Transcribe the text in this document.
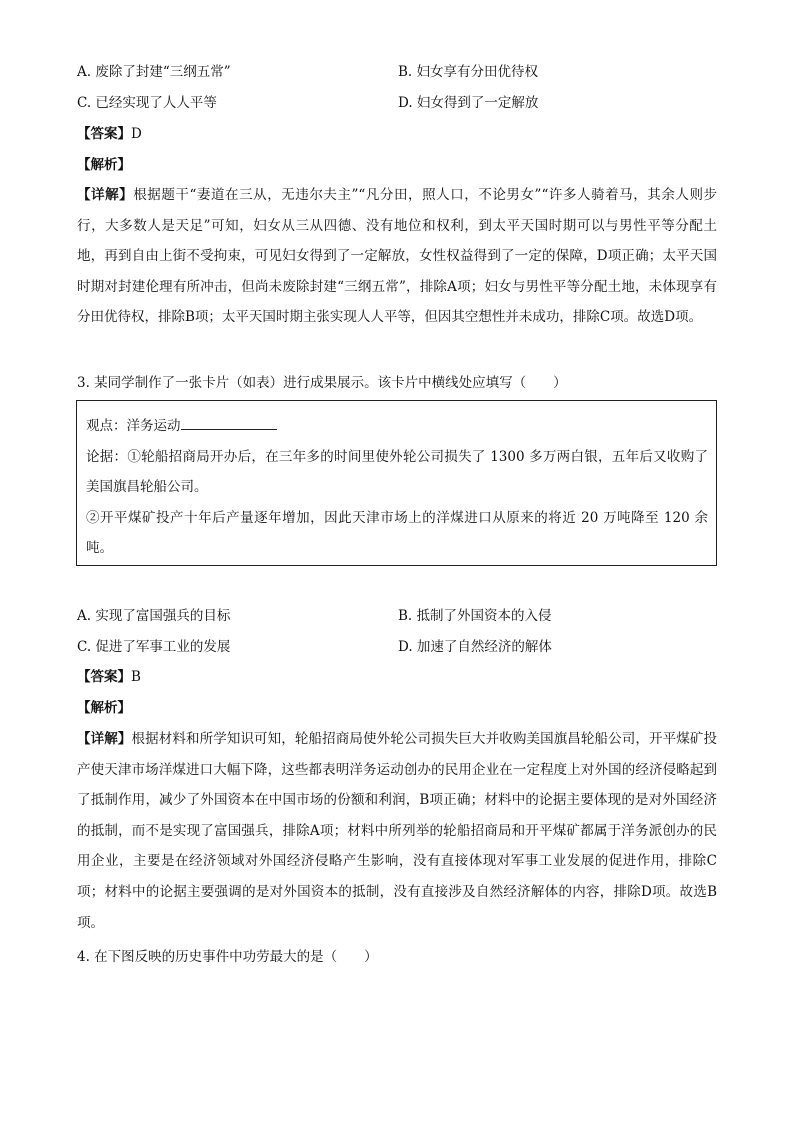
A. 废除了封建“三纲五常”	B. 妇女享有分田优待权
C. 已经实现了人人平等	D. 妇女得到了一定解放
【答案】D
【解析】
【详解】根据题干“妻道在三从，无违尔夫主”“凡分田，照人口，不论男女”“许多人骑着马，其余人则步行，大多数人是天足”可知，妇女从三从四德、没有地位和权利，到太平天国时期可以与男性平等分配土地，再到自由上街不受拘束，可见妇女得到了一定解放，女性权益得到了一定的保障，D项正确；太平天国时期对封建伦理有所冲击，但尚未废除封建“三纲五常”，排除A项；妇女与男性平等分配土地，未体现享有分田优待权，排除B项；太平天国时期主张实现人人平等，但因其空想性并未成功，排除C项。故选D项。
3. 某同学制作了一张卡片（如表）进行成果展示。该卡片中横线处应填写（　　）
观点：洋务运动
论据：①轮船招商局开办后，在三年多的时间里使外轮公司损失了 1300 多万两白银，五年后又收购了美国旗昌轮船公司。
②开平煤矿投产十年后产量逐年增加，因此天津市场上的洋煤进口从原来的将近 20 万吨降至 120 余吨。
A. 实现了富国强兵的目标	B. 抵制了外国资本的入侵
C. 促进了军事工业的发展	D. 加速了自然经济的解体
【答案】B
【解析】
【详解】根据材料和所学知识可知，轮船招商局使外轮公司损失巨大并收购美国旗昌轮船公司，开平煤矿投产使天津市场洋煤进口大幅下降，这些都表明洋务运动创办的民用企业在一定程度上对外国的经济侵略起到了抵制作用，减少了外国资本在中国市场的份额和利润，B项正确；材料中的论据主要体现的是对外国经济的抵制，而不是实现了富国强兵，排除A项；材料中所列举的轮船招商局和开平煤矿都属于洋务派创办的民用企业，主要是在经济领域对外国经济侵略产生影响，没有直接体现对军事工业发展的促进作用，排除C项；材料中的论据主要强调的是对外国资本的抵制，没有直接涉及自然经济解体的内容，排除D项。故选B项。
4. 在下图反映的历史事件中功劳最大的是（　　）
